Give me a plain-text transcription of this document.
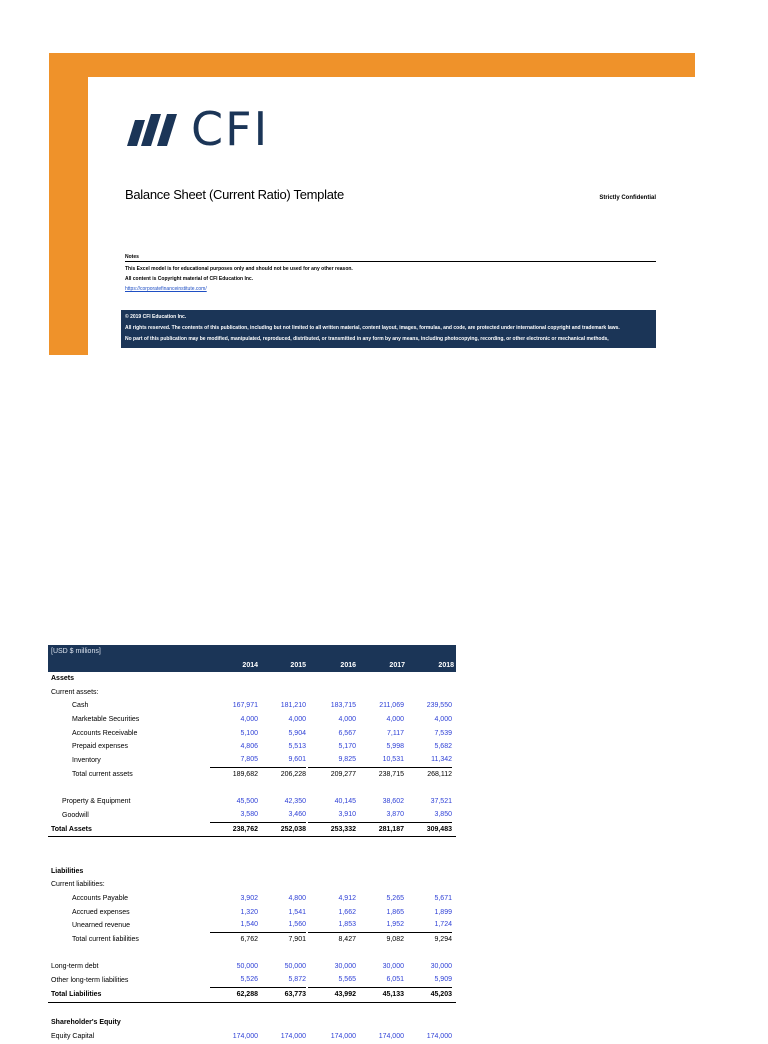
CFI
Balance Sheet (Current Ratio) Template	Strictly Confidential
Notes
This Excel model is for educational purposes only and should not be used for any other reason.
All content is Copyright material of CFI Education Inc.
https://corporatefinanceinstitute.com/
© 2019 CFI Education Inc.
All rights reserved. The contents of this publication, including but not limited to all written material, content layout, images, formulas, and code, are protected under international copyright and trademark laws.
No part of this publication may be modified, manipulated, reproduced, distributed, or transmitted in any form by any means, including photocopying, recording, or other electronic or mechanical methods,
[USD $ millions]
2014	2015	2016	2017	2018
Assets
Current assets:
Cash	167,971	181,210	183,715	211,069	239,550
Marketable Securities	4,000	4,000	4,000	4,000	4,000
Accounts Receivable	5,100	5,904	6,567	7,117	7,539
Prepaid expenses	4,806	5,513	5,170	5,998	5,682
Inventory	7,805	9,601	9,825	10,531	11,342
Total current assets	189,682	206,228	209,277	238,715	268,112
Property & Equipment	45,500	42,350	40,145	38,602	37,521
Goodwill	3,580	3,460	3,910	3,870	3,850
Total Assets	238,762	252,038	253,332	281,187	309,483
Liabilities
Current liabilities:
Accounts Payable	3,902	4,800	4,912	5,265	5,671
Accrued expenses	1,320	1,541	1,662	1,865	1,899
Unearned revenue	1,540	1,560	1,853	1,952	1,724
Total current liabilities	6,762	7,901	8,427	9,082	9,294
Long-term debt	50,000	50,000	30,000	30,000	30,000
Other long-term liabilities	5,526	5,872	5,565	6,051	5,909
Total Liabilities	62,288	63,773	43,992	45,133	45,203
Shareholder's Equity
Equity Capital	174,000	174,000	174,000	174,000	174,000
